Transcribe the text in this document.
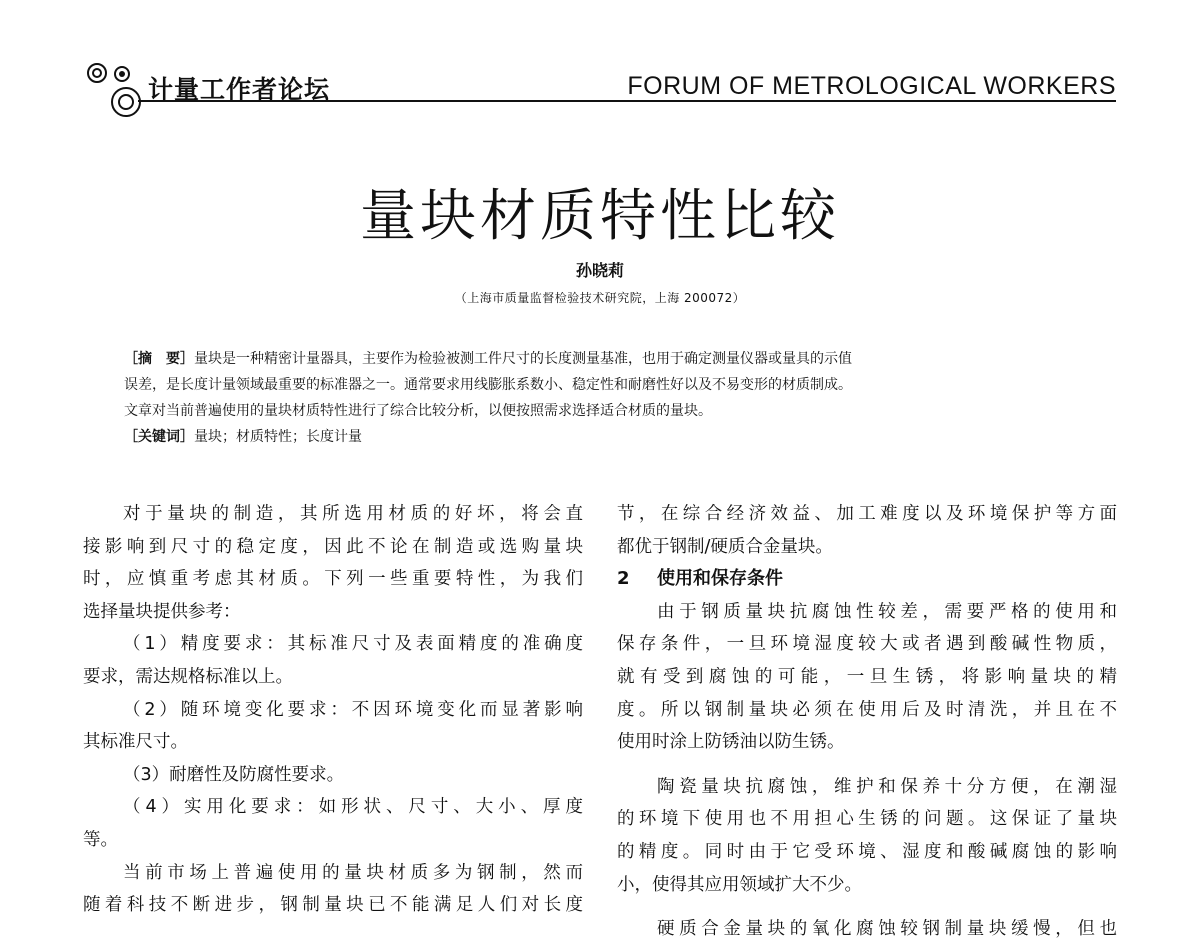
计量工作者论坛	FORUM OF METROLOGICAL WORKERS
量块材质特性比较
孙晓莉
（上海市质量监督检验技术研究院，上海 200072）
［摘　要］量块是一种精密计量器具，主要作为检验被测工件尺寸的长度测量基准，也用于确定测量仪器或量具的示值
误差，是长度计量领域最重要的标准器之一。通常要求用线膨胀系数小、稳定性和耐磨性好以及不易变形的材质制成。
文章对当前普遍使用的量块材质特性进行了综合比较分析，以便按照需求选择适合材质的量块。
［关键词］量块；材质特性；长度计量
对于量块的制造，其所选用材质的好坏，将会直
接影响到尺寸的稳定度，因此不论在制造或选购量块
时，应慎重考虑其材质。下列一些重要特性，为我们
选择量块提供参考：
（1）精度要求：其标准尺寸及表面精度的准确度
要求，需达规格标准以上。
（2）随环境变化要求：不因环境变化而显著影响
其标准尺寸。
（3）耐磨性及防腐性要求。
（4）实用化要求：如形状、尺寸、大小、厚度
等。
当前市场上普遍使用的量块材质多为钢制，然而
随着科技不断进步，钢制量块已不能满足人们对长度
节，在综合经济效益、加工难度以及环境保护等方面
都优于钢制/硬质合金量块。
2 使用和保存条件
由于钢质量块抗腐蚀性较差，需要严格的使用和
保存条件，一旦环境湿度较大或者遇到酸碱性物质，
就有受到腐蚀的可能，一旦生锈，将影响量块的精
度。所以钢制量块必须在使用后及时清洗，并且在不
使用时涂上防锈油以防生锈。
陶瓷量块抗腐蚀，维护和保养十分方便，在潮湿
的环境下使用也不用担心生锈的问题。这保证了量块
的精度。同时由于它受环境、湿度和酸碱腐蚀的影响
小，使得其应用领域扩大不少。
硬质合金量块的氧化腐蚀较钢制量块缓慢，但也
